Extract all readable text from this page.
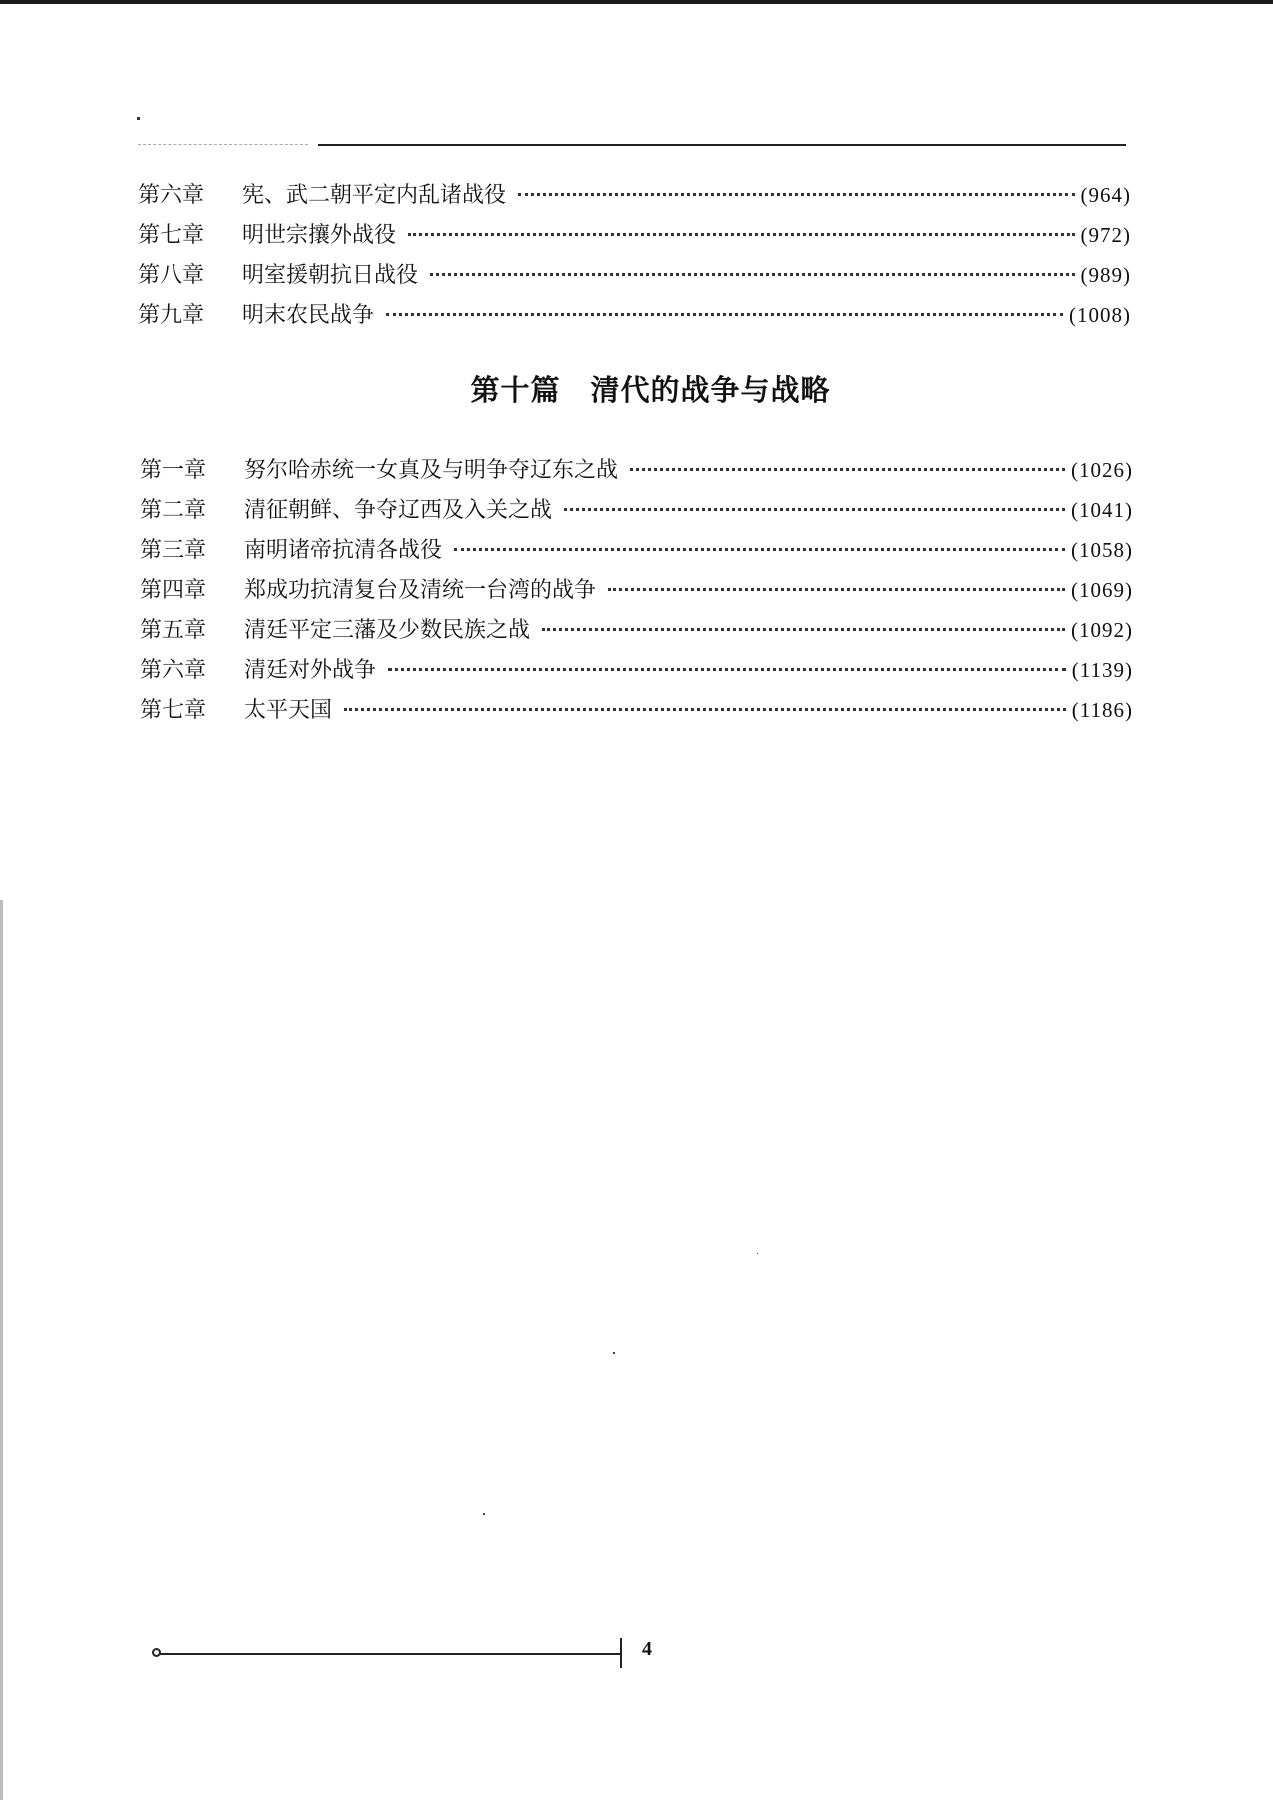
第六章	宪、武二朝平定内乱诸战役	(964)
第七章	明世宗攘外战役	(972)
第八章	明室援朝抗日战役	(989)
第九章	明末农民战争	(1008)
第十篇　清代的战争与战略
第一章	努尔哈赤统一女真及与明争夺辽东之战	(1026)
第二章	清征朝鲜、争夺辽西及入关之战	(1041)
第三章	南明诸帝抗清各战役	(1058)
第四章	郑成功抗清复台及清统一台湾的战争	(1069)
第五章	清廷平定三藩及少数民族之战	(1092)
第六章	清廷对外战争	(1139)
第七章	太平天国	(1186)
4
